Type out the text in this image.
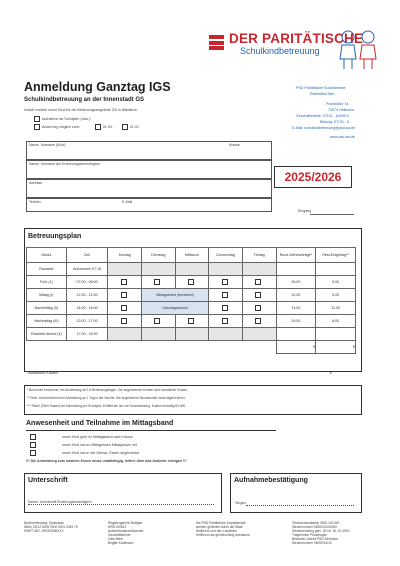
DER PARITÄTISCHE
Schulkindbetreuung
Anmeldung Ganztag IGS
Schulkindbetreuung an der Innenstadt GS
Ich/wir melden unser Kind für die Betreuungsangebote GS in Waldkirch
Aufnahme ab Schuljahr (Jahr):
Änderung möglich zum:	01.09.	01.02.
PSD Paritätische Sozialdienste
Reilstraße/Jahr
Poststraße 7a
74074 Heilbronn
Geschäftsstelle: 07131 - 64390-0
Bildung: 07131 - 5
E-Mail: schulkindbetreuung@psd-sw.de
www.psd-sw.de
Name, Vorname (Kind)	Klasse
Name, Vorname der Erziehungsberechtigten
Adresse
Telefon	E-Mail
2025/2026
Eingang
Betreuungsplan
Modul	Zeit	Montag	Dienstag	Mittwoch	Donnerstag	Freitag	Rund-Mehrbeiträge*	Rest-Entgeltag**
Randzeit	Ankommen 07:15							
Früh (1)	07:00 - 08:00						26,00	5,00
Mittag (I)	12:30 - 14:00		Mittagsband (bezahlen)				10,00	5,00
Nachmittag (II)	14:00 - 16:00		Ganztagsschule				74,00	12,00
Nachmittag (III)	13:00 - 17:00						29,00	8,00
Randzeit Abend (4)	17:00 - 18:00							
							€	€
Monatliche Kosten:	€
* Bund wird berechnet, bei Anmeldung ab 2-5 Betreuungstagen. Die angebotenen Kosten sind monatliche Kosten.
** Rest. wird berechnet bei Anmeldung an 1 Tag in der Woche. Die angebotene Stundenzahl muss täglich ferner.
*** Rest2 (Ober Kasse) bei Anmeldung pro Schuljahr. Entfällt die nur mit Voranmeldung. Kosten einmalig 60,00€.
Anwesenheit und Teilnahme im Mittagsband
unser Kind geht im Mittagsband nach Hause
unser Kind isst im Mittagessen Mittagessen mit
unser Kind isst in der Mensa. Essen angemeldet
!!! Die Anmeldung zum warmen Essen muss unabhängig, online über das Anbieter erfolgen !!!
Unterschrift
Datum / Unterschrift Erziehungsberechtigte/n
Aufnahmebestätigung
* Beginn
Bankverbindung: Sparkasse
IBAN: DE12 6205 0000 0001 2345 78
SWIFT-BIC: HEISDE66XXX
Registergericht Stuttgart
HRB 100813
Aufsichtsratsvorsitzender
Geschäftsführer
Gabi Beier
Brigitte Kaufmann
Die PSD Paritätische Sozialdienste
werden gefördert durch die Stadt
Heilbronn und den Landkreis
Heilbronn als gemeinnützig anerkannt
Telekommunikation 0800 100 467
Steuernummer 65300/12/00000
Steuerberatung gem. §4 Nr. 18, 25 UStG
Trägerinnen Privatfragen
Bewerber Jahres PSD Seminare
Steuernummer 06000/14/12
